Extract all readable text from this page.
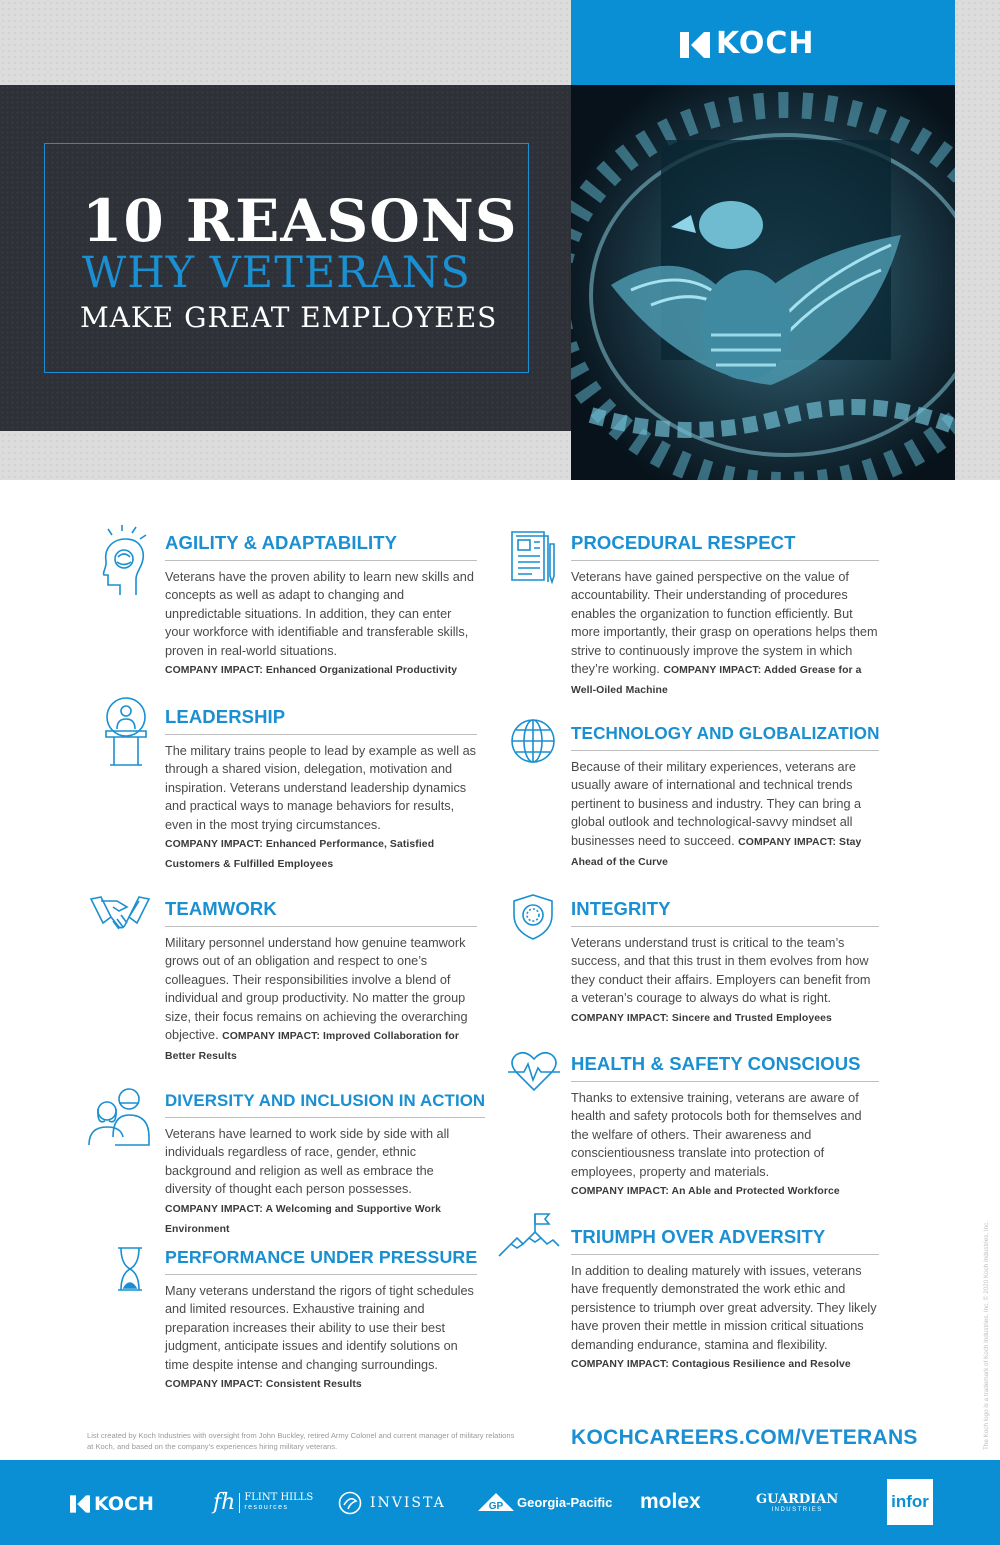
10 REASONS
WHY VETERANS
MAKE GREAT EMPLOYEES
KOCH
AGILITY & ADAPTABILITY
Veterans have the proven ability to learn new skills and concepts as well as adapt to changing and unpredictable situations. In addition, they can enter your workforce with identifiable and transferable skills, proven in real-world situations.
COMPANY IMPACT: Enhanced Organizational Productivity
LEADERSHIP
The military trains people to lead by example as well as through a shared vision, delegation, motivation and inspiration. Veterans understand leadership dynamics and practical ways to manage behaviors for results, even in the most trying circumstances.
COMPANY IMPACT: Enhanced Performance, Satisfied Customers & Fulfilled Employees
TEAMWORK
Military personnel understand how genuine teamwork grows out of an obligation and respect to one’s colleagues. Their responsibilities involve a blend of individual and group productivity. No matter the group size, their focus remains on achieving the overarching objective. COMPANY IMPACT: Improved Collaboration for Better Results
DIVERSITY AND INCLUSION IN ACTION
Veterans have learned to work side by side with all individuals regardless of race, gender, ethnic background and religion as well as embrace the diversity of thought each person possesses.
COMPANY IMPACT: A Welcoming and Supportive Work Environment
PERFORMANCE UNDER PRESSURE
Many veterans understand the rigors of tight schedules and limited resources. Exhaustive training and preparation increases their ability to use their best judgment, anticipate issues and identify solutions on time despite intense and changing surroundings.
COMPANY IMPACT: Consistent Results
PROCEDURAL RESPECT
Veterans have gained perspective on the value of accountability. Their understanding of procedures enables the organization to function efficiently. But more importantly, their grasp on operations helps them strive to continuously improve the system in which they’re working. COMPANY IMPACT: Added Grease for a Well-Oiled Machine
TECHNOLOGY AND GLOBALIZATION
Because of their military experiences, veterans are usually aware of international and technical trends pertinent to business and industry. They can bring a global outlook and technological-savvy mindset all businesses need to succeed. COMPANY IMPACT: Stay Ahead of the Curve
INTEGRITY
Veterans understand trust is critical to the team’s success, and that this trust in them evolves from how they conduct their affairs. Employers can benefit from a veteran’s courage to always do what is right.
COMPANY IMPACT: Sincere and Trusted Employees
HEALTH & SAFETY CONSCIOUS
Thanks to extensive training, veterans are aware of health and safety protocols both for themselves and the welfare of others. Their awareness and conscientiousness translate into protection of employees, property and materials.
COMPANY IMPACT: An Able and Protected Workforce
TRIUMPH OVER ADVERSITY
In addition to dealing maturely with issues, veterans have frequently demonstrated the work ethic and persistence to triumph over great adversity. They likely have proven their mettle in mission critical situations demanding endurance, stamina and flexibility.
COMPANY IMPACT: Contagious Resilience and Resolve
List created by Koch Industries with oversight from John Buckley, retired Army Colonel and current manager of military relations at Koch, and based on the company’s experiences hiring military veterans.	KOCHCAREERS.COM/VETERANS	The Koch logo is a trademark of Koch Industries, Inc. © 2020 Koch Industries, Inc.
KOCH	fh FLINT HILLS
resources	INVISTA	GP Georgia-Pacific molex	GUARDIAN
INDUSTRIES	infor
